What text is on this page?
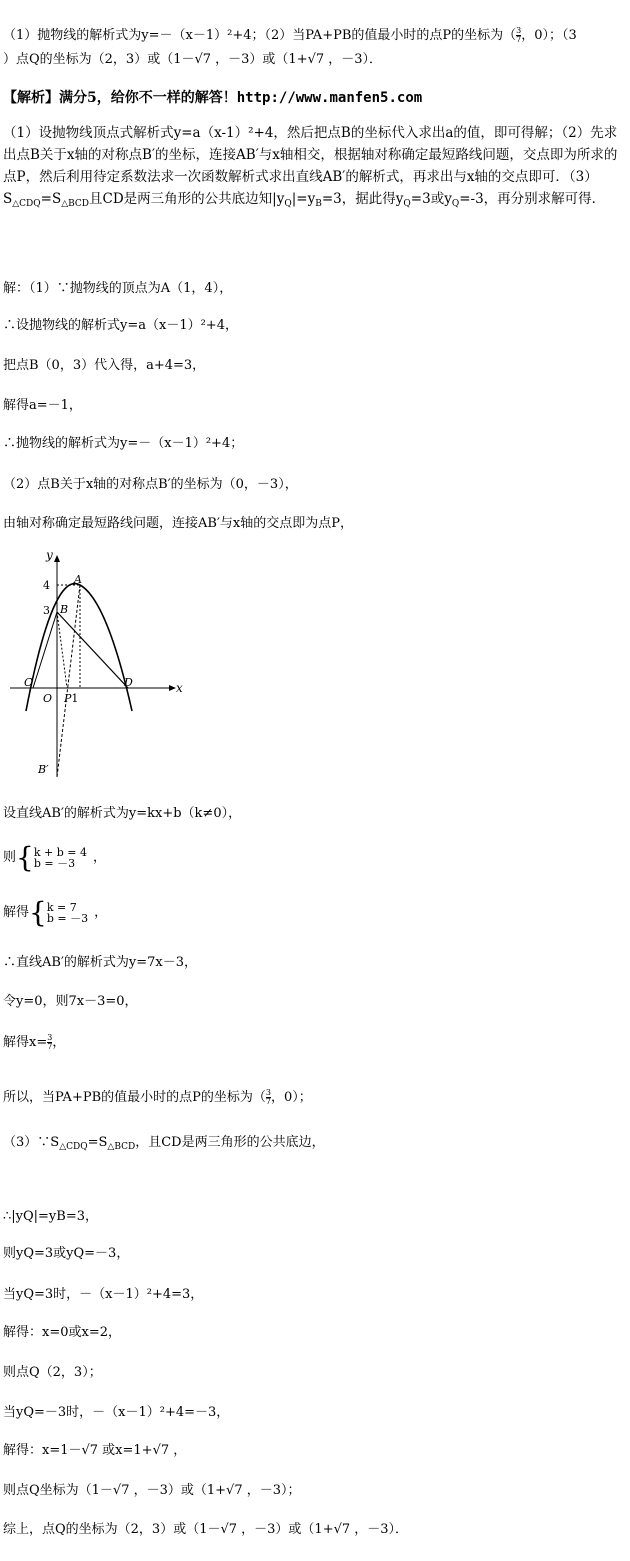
（1）抛物线的解析式为y=－（x－1）²+4；（2）当PA+PB的值最小时的点P的坐标为（ $\frac{3}{7}$ ，0）；（3
）点Q的坐标为（2，3）或（1－√7 ，－3）或（1+√7 ，－3）．
【解析】满分5，给你不一样的解答！http://www.manfen5.com
（1）设抛物线顶点式解析式y=a（x-1）²+4，然后把点B的坐标代入求出a的值，即可得解；（2）先求出点B关于x轴的对称点B′的坐标，连接AB′与x轴相交，根据轴对称确定最短路线问题，交点即为所求的点P，然后利用待定系数法求一次函数解析式求出直线AB′的解析式，再求出与x轴的交点即可．$(3)S_{\triangle CDQ}=S_{\triangle BCD}$且CD是两三角形的公共底边知$|y_Q|=y_B=3$，据此得$y_Q=3$或$y_Q=-3$，再分别求解可得．
解：（1）∵抛物线的顶点为A（1，4），
∴设抛物线的解析式y=a（x－1）²+4，
把点B（0，3）代入得，a+4=3，
解得a=－1，
∴抛物线的解析式为y=－（x－1）²+4；
（2）点B关于x轴的对称点B′的坐标为（0，－3），
由轴对称确定最短路线问题，连接AB′与x轴的交点即为点P，
y
x
4
3
A
B
C	D
O P1
B′
设直线AB′的解析式为y=kx+b（k≠0），
则{ k + b = 4
b = －3	，
解得{ k = 7
b = －3 ，
∴直线AB′的解析式为y=7x－3，
令y=0，则7x－3=0，
解得$x= \frac{3}{7}$ ，
所以，当PA+PB的值最小时的点P的坐标为（ $\frac{3}{7}$ ，0）；
$(3)\because S_{\triangle CDQ}=S_{\triangle BCD}$，且CD是两三角形的公共底边，
∴|yQ|=yB=3，
则yQ=3或yQ=－3，
当yQ=3时，－（x－1）²+4=3，
解得：x=0或x=2，
则点Q（2，3）；
当yQ=－3时，－（x－1）²+4=－3，
解得：x=1－√7 或x=1+√7 ，
则点Q坐标为（1－√7 ，－3）或（1+√7 ，－3）；
综上，点Q的坐标为（2，3）或（1－√7 ，－3）或（1+√7 ，－3）．
